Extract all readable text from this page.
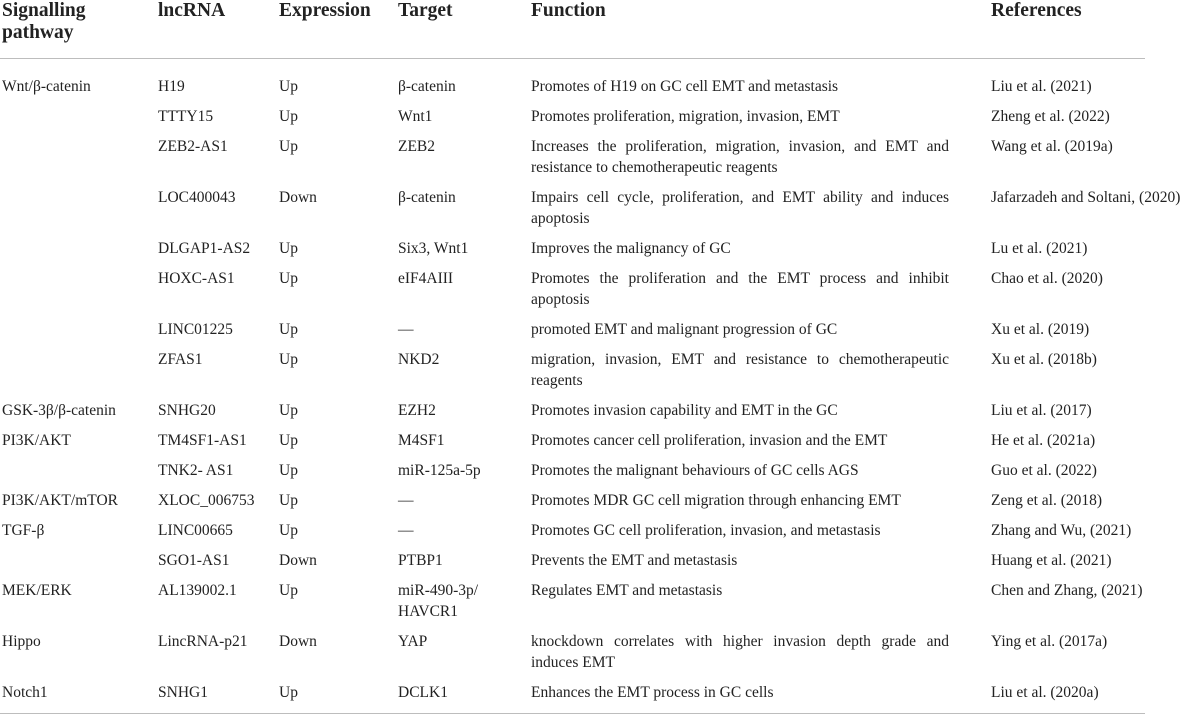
Signalling pathway	lncRNA	Expression	Target	Function	References
Wnt/β-catenin	H19	Up	β-catenin	Promotes of H19 on GC cell EMT and metastasis	Liu et al. (2021)
	TTTY15	Up	Wnt1	Promotes proliferation, migration, invasion, EMT	Zheng et al. (2022)
	ZEB2-AS1	Up	ZEB2	Increases the proliferation, migration, invasion, and EMT and resistance to chemotherapeutic reagents	Wang et al. (2019a)
	LOC400043	Down	β-catenin	Impairs cell cycle, proliferation, and EMT ability and induces apoptosis	Jafarzadeh and Soltani, (2020)
	DLGAP1-AS2	Up	Six3, Wnt1	Improves the malignancy of GC	Lu et al. (2021)
	HOXC-AS1	Up	eIF4AIII	Promotes the proliferation and the EMT process and inhibit apoptosis	Chao et al. (2020)
	LINC01225	Up	—	promoted EMT and malignant progression of GC	Xu et al. (2019)
	ZFAS1	Up	NKD2	migration, invasion, EMT and resistance to chemotherapeutic reagents	Xu et al. (2018b)
GSK-3β/β-catenin	SNHG20	Up	EZH2	Promotes invasion capability and EMT in the GC	Liu et al. (2017)
PI3K/AKT	TM4SF1-AS1	Up	M4SF1	Promotes cancer cell proliferation, invasion and the EMT	He et al. (2021a)
	TNK2- AS1	Up	miR-125a-5p	Promotes the malignant behaviours of GC cells AGS	Guo et al. (2022)
PI3K/AKT/mTOR	XLOC_006753	Up	—	Promotes MDR GC cell migration through enhancing EMT	Zeng et al. (2018)
TGF-β	LINC00665	Up	—	Promotes GC cell proliferation, invasion, and metastasis	Zhang and Wu, (2021)
	SGO1-AS1	Down	PTBP1	Prevents the EMT and metastasis	Huang et al. (2021)
MEK/ERK	AL139002.1	Up	miR-490-3p/ HAVCR1	Regulates EMT and metastasis	Chen and Zhang, (2021)
Hippo	LincRNA-p21	Down	YAP	knockdown correlates with higher invasion depth grade and induces EMT	Ying et al. (2017a)
Notch1	SNHG1	Up	DCLK1	Enhances the EMT process in GC cells	Liu et al. (2020a)
